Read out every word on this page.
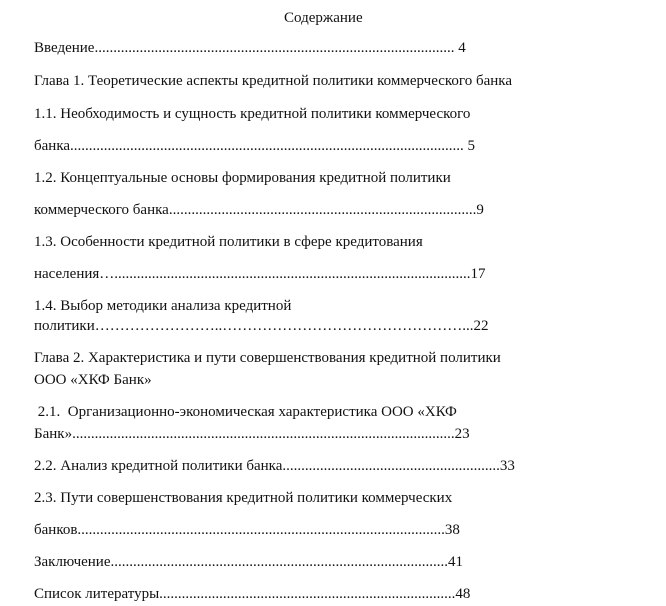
Содержание
Введение................................................................................................ 4
Глава 1. Теоретические аспекты кредитной политики коммерческого банка
1.1. Необходимость и сущность кредитной политики коммерческого
банка......................................................................................................... 5
1.2. Концептуальные основы формирования кредитной политики
коммерческого банка..................................................................................9
1.3. Особенности кредитной политики в сфере кредитования
населения…...............................................................................................17
1.4. Выбор методики анализа кредитной
политики……………………..…………………………………………...22
Глава 2. Характеристика и пути совершенствования кредитной политики
ООО «ХКФ Банк»
2.1.  Организационно-экономическая характеристика ООО «ХКФ
Банк»......................................................................................................23
2.2. Анализ кредитной политики банка..........................................................33
2.3. Пути совершенствования кредитной политики коммерческих
банков..................................................................................................38
Заключение..........................................................................................41
Список литературы...............................................................................48
